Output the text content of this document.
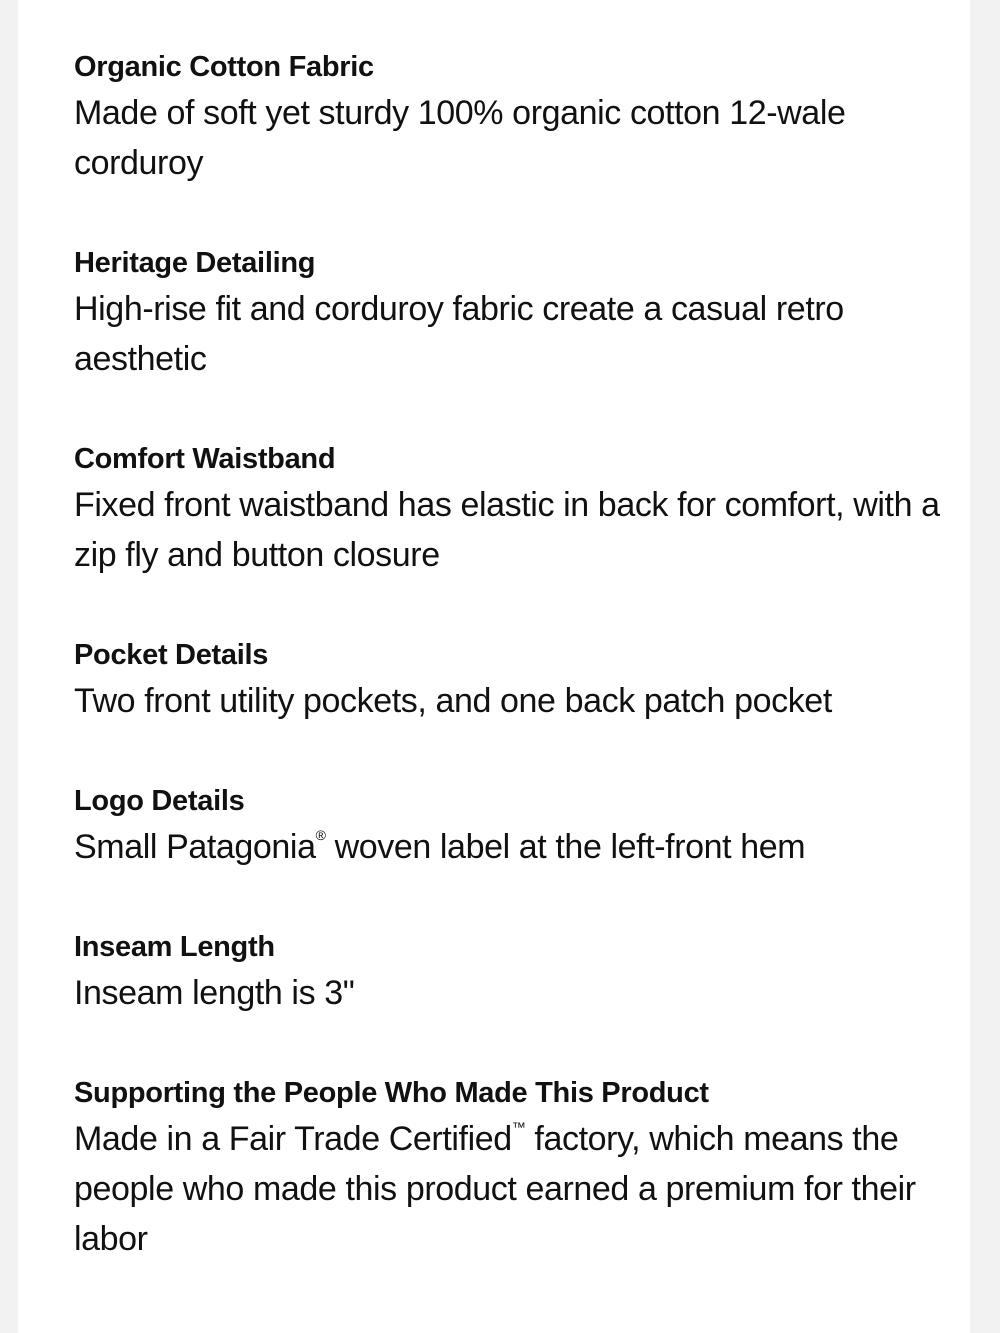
Organic Cotton Fabric
Made of soft yet sturdy 100% organic cotton 12-wale corduroy
Heritage Detailing
High-rise fit and corduroy fabric create a casual retro aesthetic
Comfort Waistband
Fixed front waistband has elastic in back for comfort, with a zip fly and button closure
Pocket Details
Two front utility pockets, and one back patch pocket
Logo Details
Small Patagonia® woven label at the left-front hem
Inseam Length
Inseam length is 3"
Supporting the People Who Made This Product
Made in a Fair Trade Certified™ factory, which means the people who made this product earned a premium for their labor
